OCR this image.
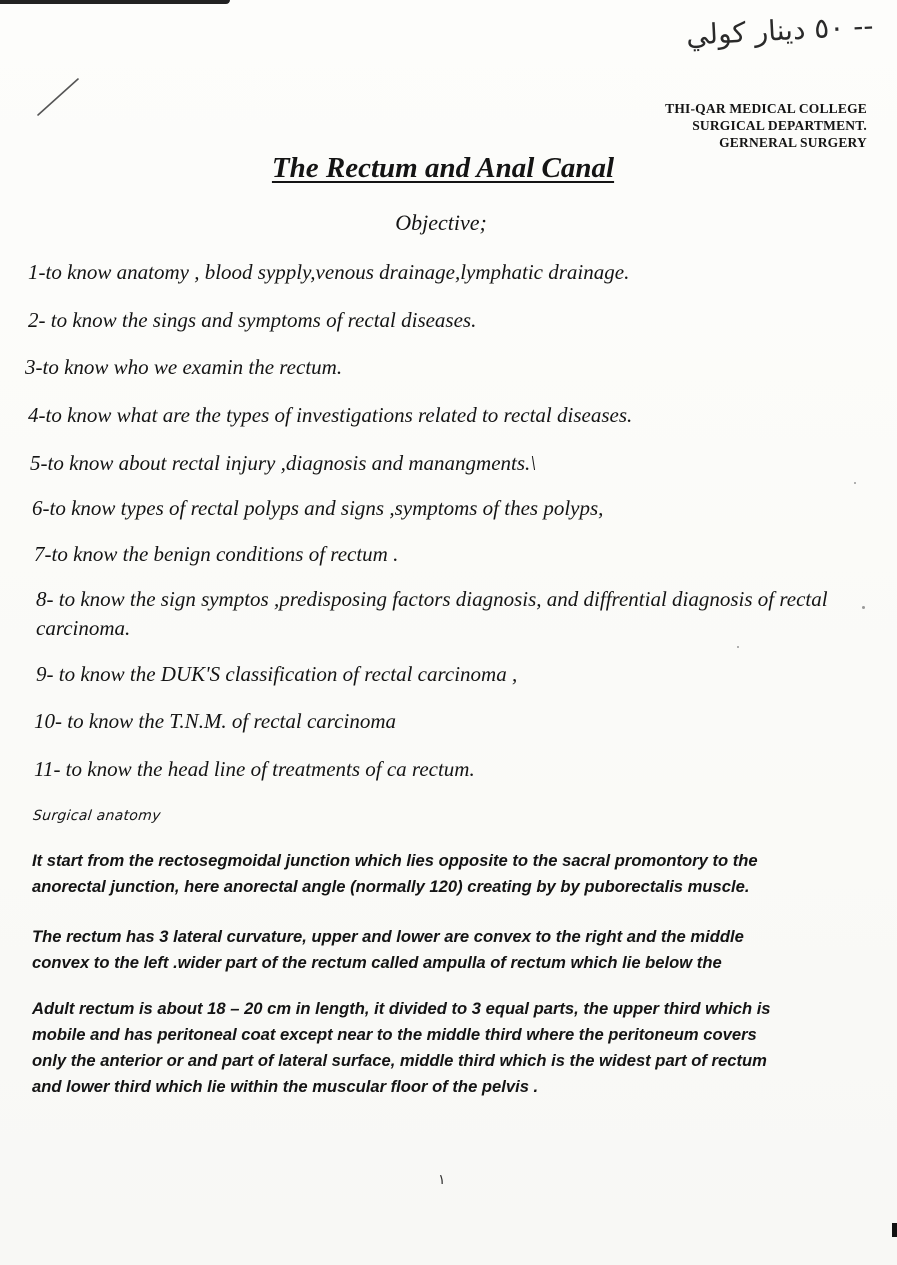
-- ٥٠ دينار كولي
THI-QAR MEDICAL COLLEGE
SURGICAL DEPARTMENT.
GERNERAL SURGERY
The Rectum and Anal Canal
Objective;
1-to know anatomy , blood sypply,venous drainage,lymphatic drainage.
2- to know the sings and symptoms of rectal diseases.
3-to know who we examin the rectum.
4-to know what are the types of investigations related to rectal diseases.
5-to know about rectal injury ,diagnosis and manangments.\
6-to know types of rectal polyps and signs ,symptoms of thes polyps,
7-to know the benign conditions of rectum .
8- to know the sign symptos ,predisposing factors diagnosis, and diffrential diagnosis of rectal carcinoma.
9- to know the DUK'S classification of rectal carcinoma ,
10- to know the T.N.M. of rectal carcinoma
11- to know the head line of treatments of ca rectum.
Surgical anatomy
It start from the rectosegmoidal junction which lies opposite to the sacral promontory to the
anorectal junction, here anorectal angle (normally 120) creating by by puborectalis muscle.
The rectum has 3 lateral curvature, upper and lower are convex to the right and the middle
convex to the left .wider part of the rectum called ampulla of rectum which lie below the
Adult rectum is about 18 – 20 cm in length, it divided to 3 equal parts, the upper third which is
mobile and has peritoneal coat except near to the middle third where the peritoneum covers
only the anterior or and part of lateral surface, middle third which is the widest part of rectum
and lower third which lie within the muscular floor of the pelvis .
١
